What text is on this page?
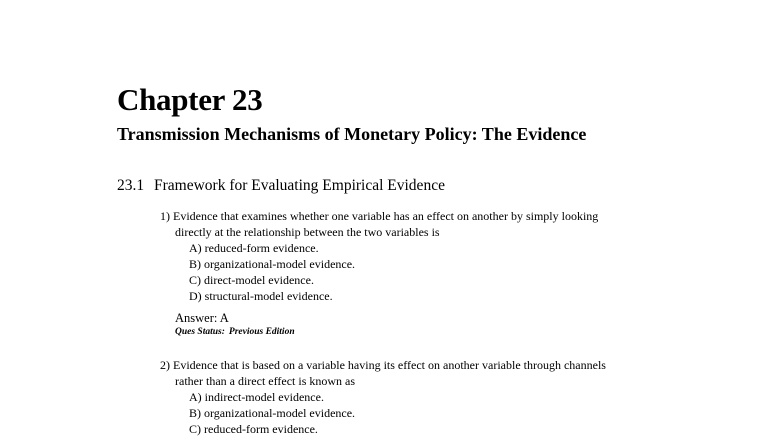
Chapter 23
Transmission Mechanisms of Monetary Policy: The Evidence
23.1 Framework for Evaluating Empirical Evidence
1) Evidence that examines whether one variable has an effect on another by simply looking
directly at the relationship between the two variables is
A) reduced-form evidence.
B) organizational-model evidence.
C) direct-model evidence.
D) structural-model evidence.
Answer: A
Ques Status: Previous Edition
2) Evidence that is based on a variable having its effect on another variable through channels
rather than a direct effect is known as
A) indirect-model evidence.
B) organizational-model evidence.
C) reduced-form evidence.
